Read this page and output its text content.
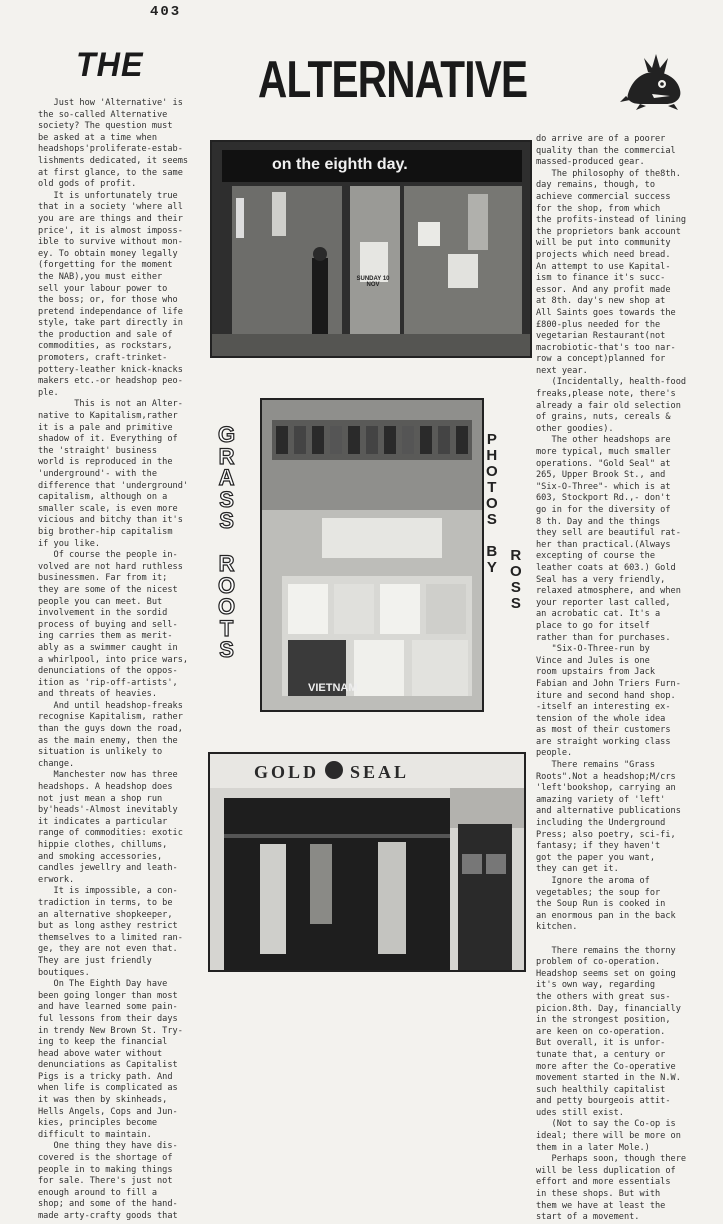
403
THE ALTERNATIVE
Just how 'Alternative' is
the so-called Alternative
society? The question must
be asked at a time when
headshops'proliferate-estab-
lishments dedicated, it seems
at first glance, to the same
old gods of profit.
It is unfortunately true
that in a society 'where all
you are are things and their
price', it is almost imposs-
ible to survive without mon-
ey. To obtain money legally
(forgetting for the moment
the NAB),you must either
sell your labour power to
the boss; or, for those who
pretend independance of life
style, take part directly in
the production and sale of
commodities, as rockstars,
promoters, craft-trinket-
pottery-leather knick-knacks
makers etc.-or headshop peo-
ple.
This is not an Alter-
native to Kapitalism,rather
it is a pale and primitive
shadow of it. Everything of
the 'straight' business
world is reproduced in the
'underground'- with the
difference that 'underground'
capitalism, although on a
smaller scale, is even more
vicious and bitchy than it's
big brother-hip capitalism
if you like.
Of course the people in-
volved are not hard ruthless
businessmen. Far from it;
they are some of the nicest
people you can meet. But
involvement in the sordid
process of buying and sell-
ing carries them as merit-
ably as a swimmer caught in
a whirlpool, into price wars,
denunciations of the oppos-
ition as 'rip-off-artists',
and threats of heavies.
And until headshop-freaks
recognise Kapitalism, rather
than the guys down the road,
as the main enemy, then the
situation is unlikely to
change.
Manchester now has three
headshops. A headshop does
not just mean a shop run
by'heads'-Almost inevitably
it indicates a particular
range of commodities: exotic
hippie clothes, chillums,
and smoking accessories,
candles jewellry and leath-
erwork.
It is impossible, a con-
tradiction in terms, to be
an alternative shopkeeper,
but as long asthey restrict
themselves to a limited ran-
ge, they are not even that.
They are just friendly
boutiques.
On The Eighth Day have
been going longer than most
and have learned some pain-
ful lessons from their days
in trendy New Brown St. Try-
ing to keep the financial
head above water without
denunciations as Capitalist
Pigs is a tricky path. And
when life is complicated as
it was then by skinheads,
Hells Angels, Cops and Jun-
kies, principles become
difficult to maintain.
One thing they have dis-
covered is the shortage of
people in to making things
for sale. There's just not
enough around to fill a
shop; and some of the hand-
made arty-crafty goods that
do arrive are of a poorer
quality than the commercial
massed-produced gear.
The philosophy of the8th.
day remains, though, to
achieve commercial success
for the shop, from which
the profits-instead of lining
the proprietors bank account
will be put into community
projects which need bread.
An attempt to use Kapital-
ism to finance it's succ-
essor. And any profit made
at 8th. day's new shop at
All Saints goes towards the
£800-plus needed for the
vegetarian Restaurant(not
macrobiotic-that's too nar-
row a concept)planned for
next year.
(Incidentally, health-food
freaks,please note, there's
already a fair old selection
of grains, nuts, cereals &
other goodies).
The other headshops are
more typical, much smaller
operations. "Gold Seal" at
265, Upper Brook St., and
"Six-O-Three"- which is at
603, Stockport Rd.,- don't
go in for the diversity of
8 th. Day and the things
they sell are beautiful rat-
her than practical.(Always
excepting of course the
leather coats at 603.) Gold
Seal has a very friendly,
relaxed atmosphere, and when
your reporter last called,
an acrobatic cat. It's a
place to go for itself
rather than for purchases.
"Six-O-Three-run by
Vince and Jules is one
room upstairs from Jack
Fabian and John Triers Furn-
iture and second hand shop.
-itself an interesting ex-
tension of the whole idea
as most of their customers
are straight working class
people.
There remains "Grass
Roots".Not a headshop;M/crs
'left'bookshop, carrying an
amazing variety of 'left'
and alternative publications
including the Underground
Press; also poetry, sci-fi,
fantasy; if they haven't
got the paper you want,
they can get it.
Ignore the aroma of
vegetables; the soup for
the Soup Run is cooked in
an enormous pan in the back
kitchen.

There remains the thorny
problem of co-operation.
Headshop seems set on going
it's own way, regarding
the others with great sus-
picion.8th. Day, financially
in the strongest position,
are keen on co-operation.
But overall, it is unfor-
tunate that, a century or
more after the Co-operative
movement started in the N.W.
such healthily capitalist
and petty bourgeois attit-
udes still exist.
(Not to say the Co-op is
ideal; there will be more on
them in a later Mole.)
Perhaps soon, though there
will be less duplication of
effort and more essentials
in these shops. But with
them we have at least the
start of a movement.
on the eighth day.
SUNDAY 10 NOV
VIETNAM
GOLD SEAL
G
R
A
S
S

R
O
O
T
S
P
H
O
T
O
S

B
Y
R
O
S
S
